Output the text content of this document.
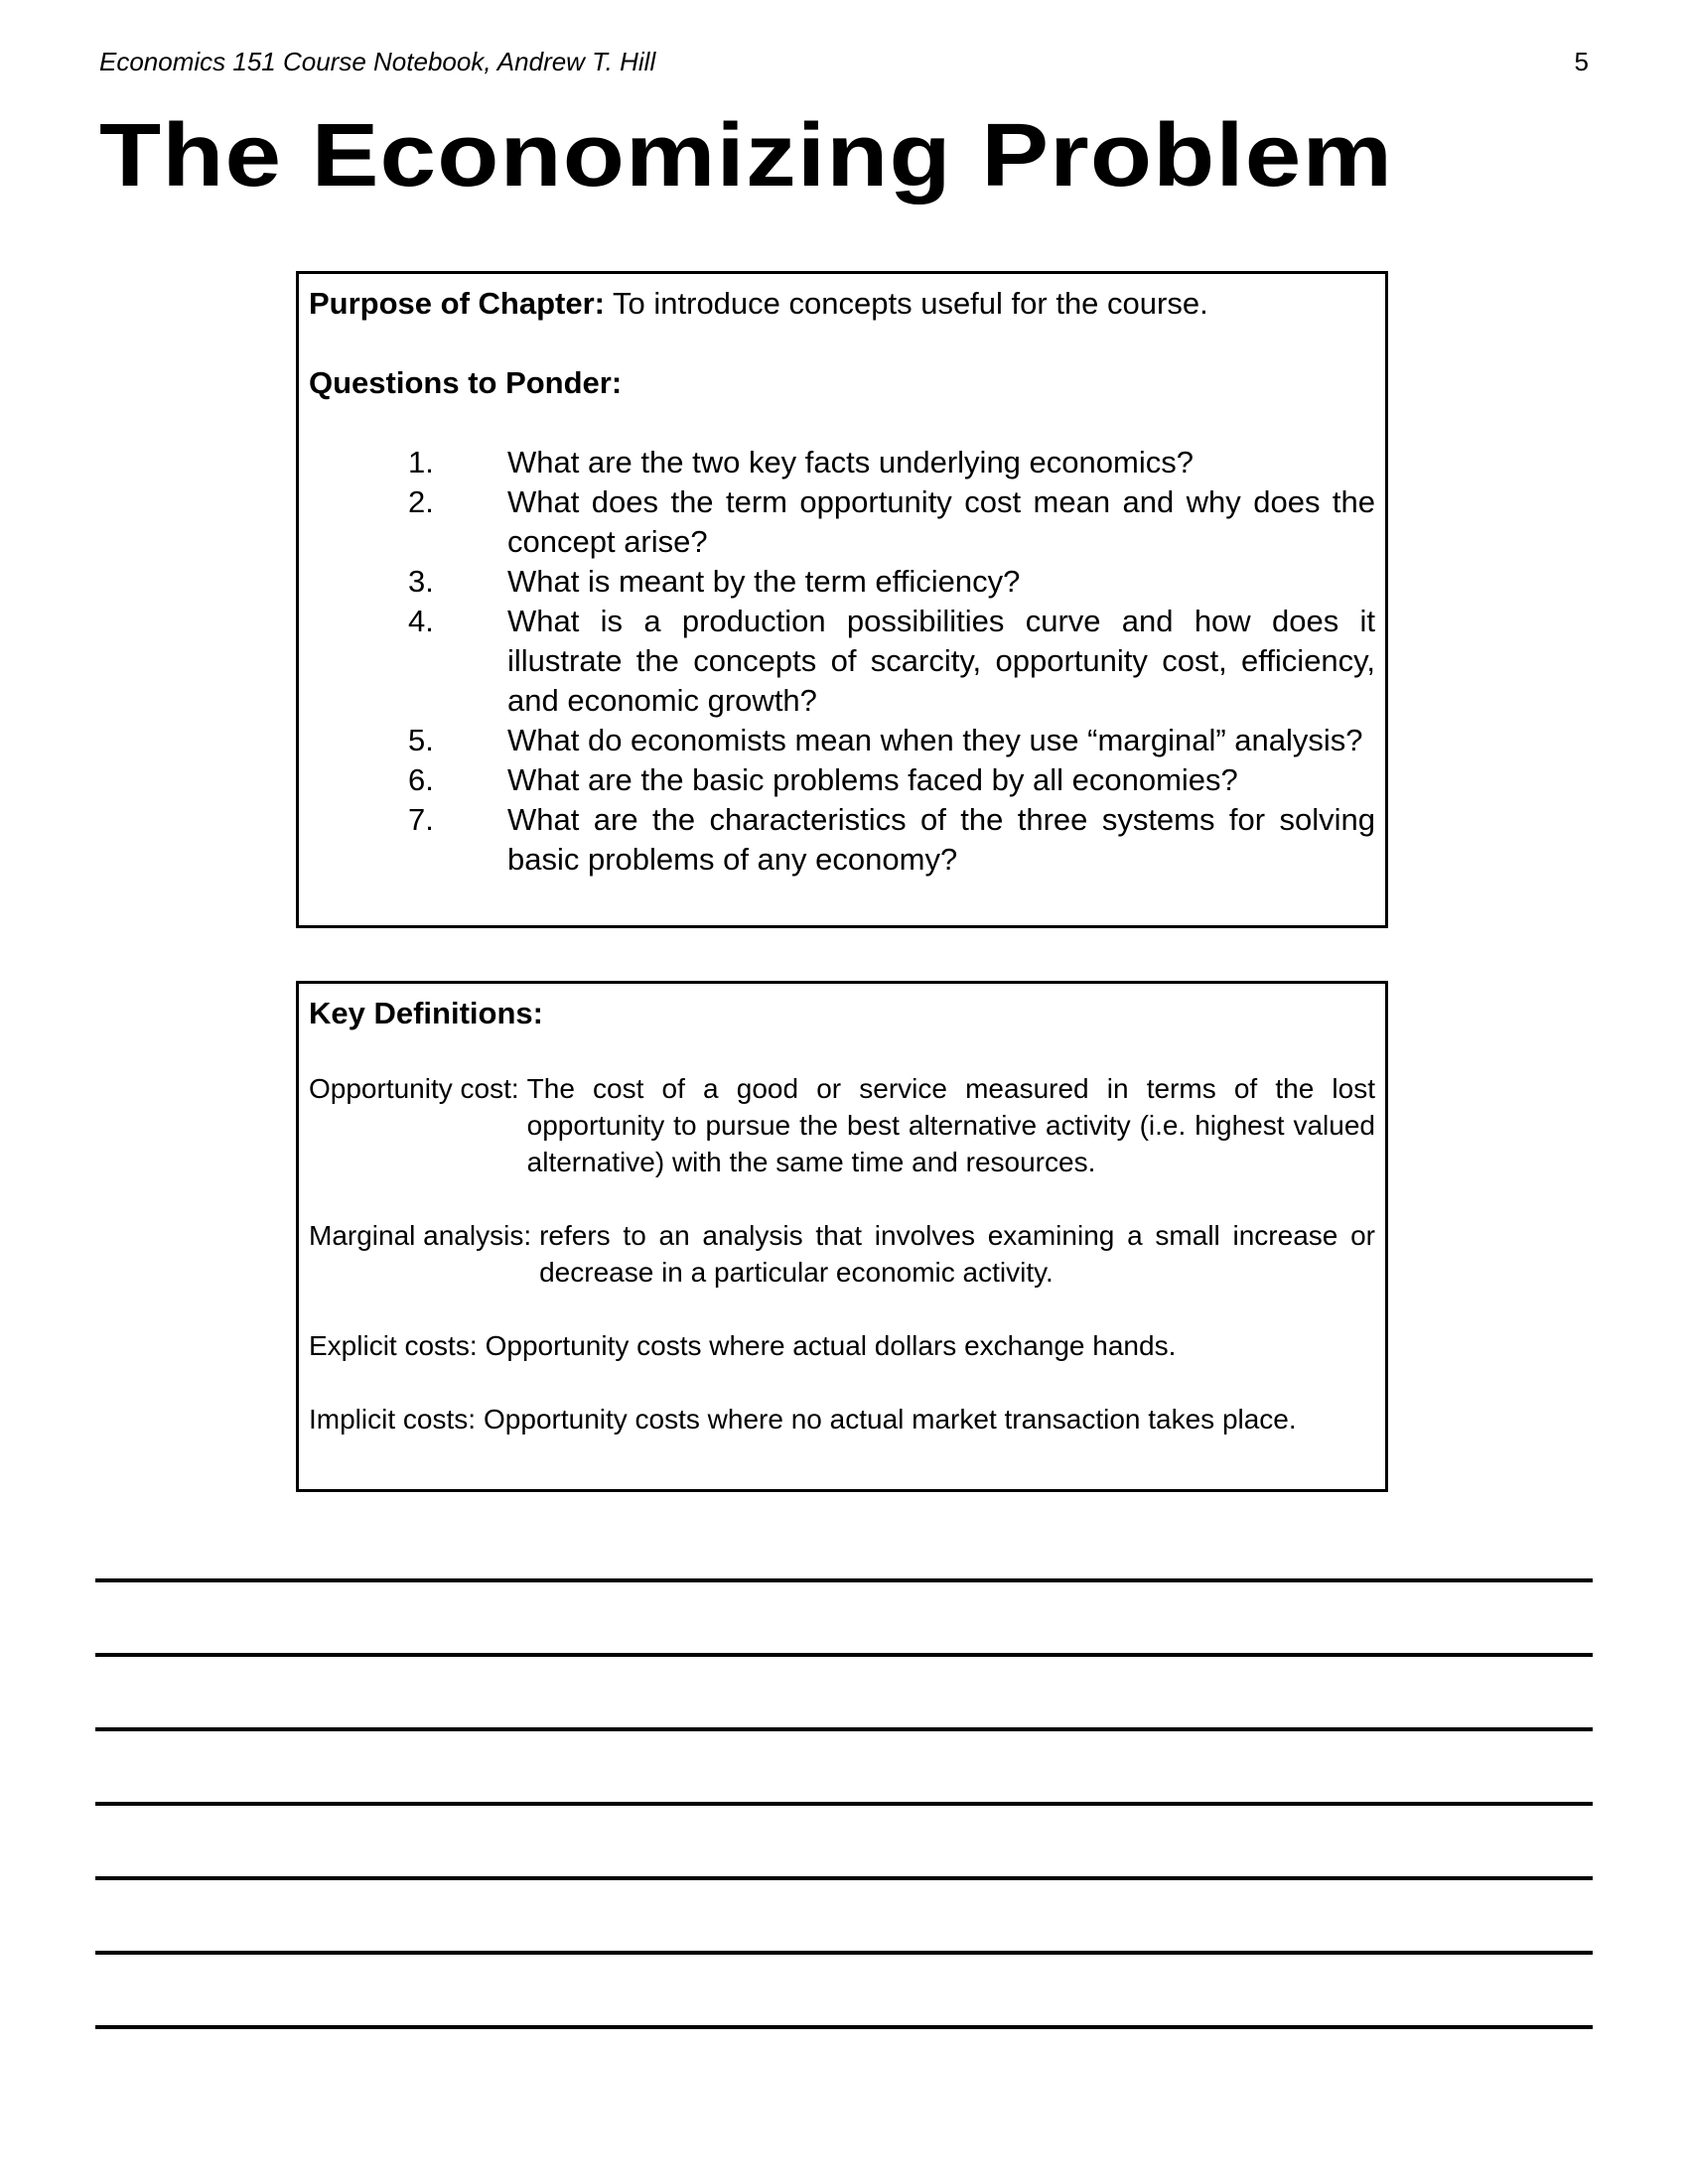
Economics 151 Course Notebook, Andrew T. Hill	5
The Economizing Problem

Purpose of Chapter: To introduce concepts useful for the course.

Questions to Ponder:

1.	What are the two key facts underlying economics?
2.	What does the term opportunity cost mean and why does the concept arise?
3.	What is meant by the term efficiency?
4.	What is a production possibilities curve and how does it illustrate the concepts of scarcity, opportunity cost, efficiency, and economic growth?
5.	What do economists mean when they use “marginal” analysis?
6.	What are the basic problems faced by all economies?
7.	What are the characteristics of the three systems for solving basic problems of any economy?

Key Definitions:

Opportunity cost: The cost of a good or service measured in terms of the lost opportunity to pursue the best alternative activity (i.e. highest valued alternative) with the same time and resources.
Marginal analysis: refers to an analysis that involves examining a small increase or decrease in a particular economic activity.
Explicit costs: Opportunity costs where actual dollars exchange hands.
Implicit costs: Opportunity costs where no actual market transaction takes place.
